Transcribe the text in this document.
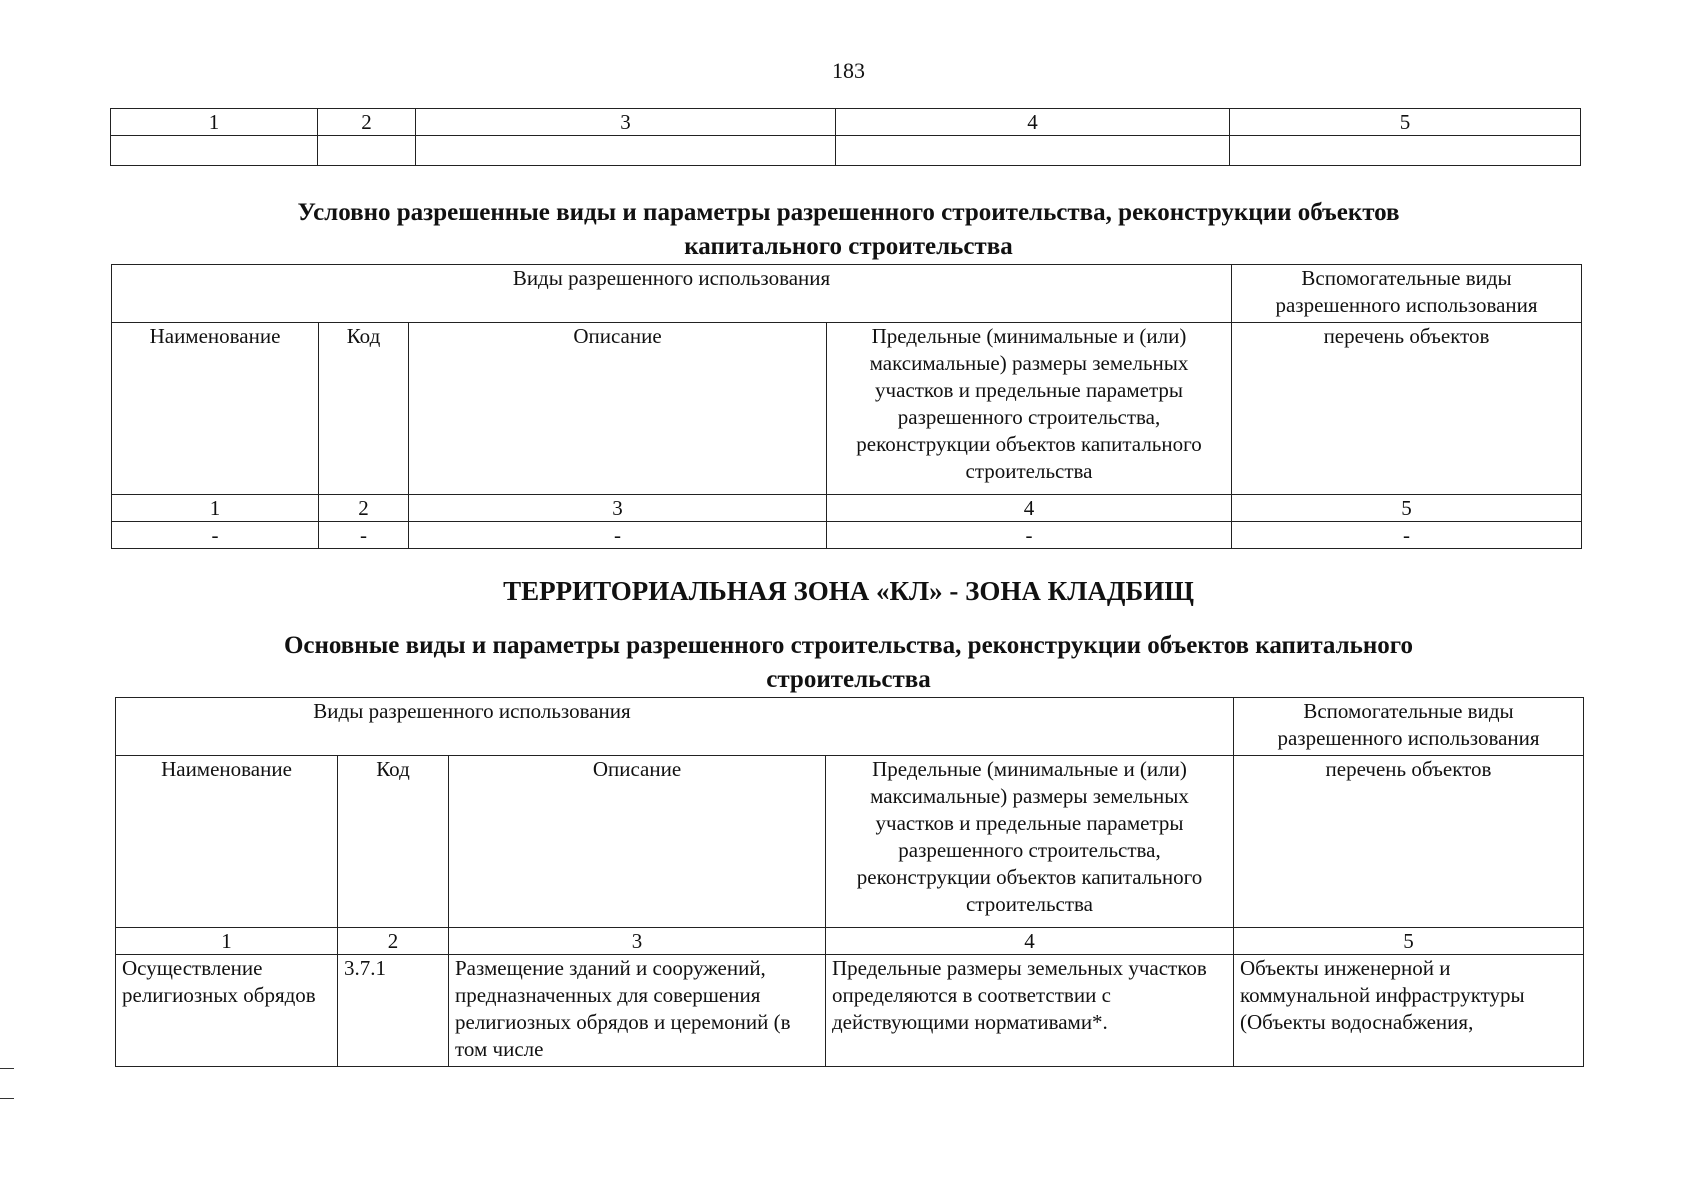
183
1	2	3	4	5

Условно разрешенные виды и параметры разрешенного строительства, реконструкции объектов
капитального строительства
Виды разрешенного использования				Вспомогательные виды разрешенного использования
Наименование	Код	Описание	Предельные (минимальные и (или) максимальные) размеры земельных участков и предельные параметры разрешенного строительства, реконструкции объектов капитального строительства	перечень объектов
1	2	3	4	5
-	-	-	-	-
ТЕРРИТОРИАЛЬНАЯ ЗОНА «КЛ» - ЗОНА КЛАДБИЩ
Основные виды и параметры разрешенного строительства, реконструкции объектов капитального
строительства
Виды разрешенного использования				Вспомогательные виды разрешенного использования
Наименование	Код	Описание	Предельные (минимальные и (или) максимальные) размеры земельных участков и предельные параметры разрешенного строительства, реконструкции объектов капитального строительства	перечень объектов
1	2	3	4	5
Осуществление религиозных обрядов	3.7.1	Размещение зданий и сооружений, предназначенных для совершения религиозных обрядов и церемоний (в том числе	Предельные размеры земельных участков определяются в соответствии с действующими нормативами*.	Объекты инженерной и коммунальной инфраструктуры (Объекты водоснабжения,
